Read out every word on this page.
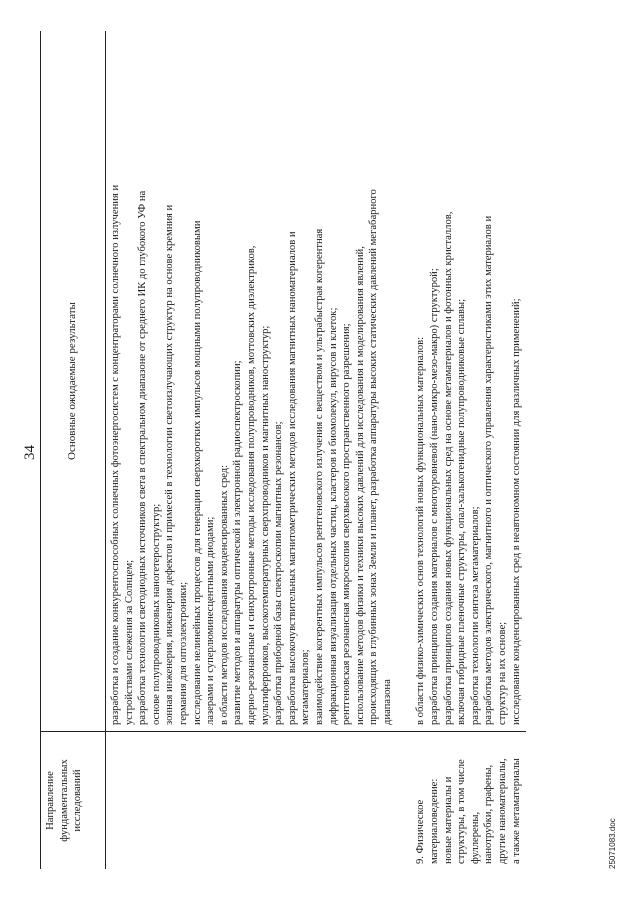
34
Направление фундаментальных исследований
Основные ожидаемые результаты	разработка и создание конкурентоспособных солнечных фотоэнергосистем с концентраторами солнечного излучения и устройствами слежения за Солнцем; разработка технологии светодиодных источников света в спектральном диапазоне от среднего ИК до глубокого УФ на основе полупроводниковых наногетероструктур; зонная инженерия, инженерия дефектов и примесей в технологии светоизлучающих структур на основе кремния и германия для оптоэлектроники; исследование нелинейных процессов для генерации сверхкоротких импульсов мощными полупроводниковыми лазерами и суперлюминесцентными диодами; в области методов исследования конденсированных сред: развитие методов и аппаратуры оптической и электронной радиоспектроскопии; ядерно-резонансные и синхротронные методы исследования полупроводников, моттовских диэлектриков, мультиферроиков, высокотемпературных сверхпроводников и магнитных наноструктур; разработка приборной базы спектроскопии магнитных резонансов; разработка высокочувствительных магнитометрических методов исследования магнитных наноматериалов и метаматериалов; взаимодействие когерентных импульсов рентгеновского излучения с веществом и ультрабыстрая когерентная дифракционная визуализация отдельных частиц, кластеров и биомолекул, вирусов и клеток; рентгеновская резонансная микроскопия сверхвысокого пространственного разрешения; использование методов физики и техники высоких давлений для исследования и моделирования явлений, происходящих в глубинных зонах Земли и планет, разработка аппаратуры высоких статических давлений мегабарного диапазона
9. Физическое материаловедение: новые материалы и структуры, в том числе фуллерены, нанотрубки, графены, другие наноматериалы, а также метаматериалы
в области физико-химических основ технологий новых функциональных материалов: разработка принципов создания материалов с многоуровневой (нано-микро-мезо-макро) структурой; разработка принципов создания новых функциональных сред на основе метаматериалов и фотонных кристаллов, включая гибридные пленочные структуры, опал-халькогенидные полупроводниковые сплавы; разработка технологии синтеза метаматериалов; разработка методов электрического, магнитного и оптического управления характеристиками этих материалов и структур на их основе; исследование конденсированных сред в неавтономном состоянии для различных применений;
25071083.doc
